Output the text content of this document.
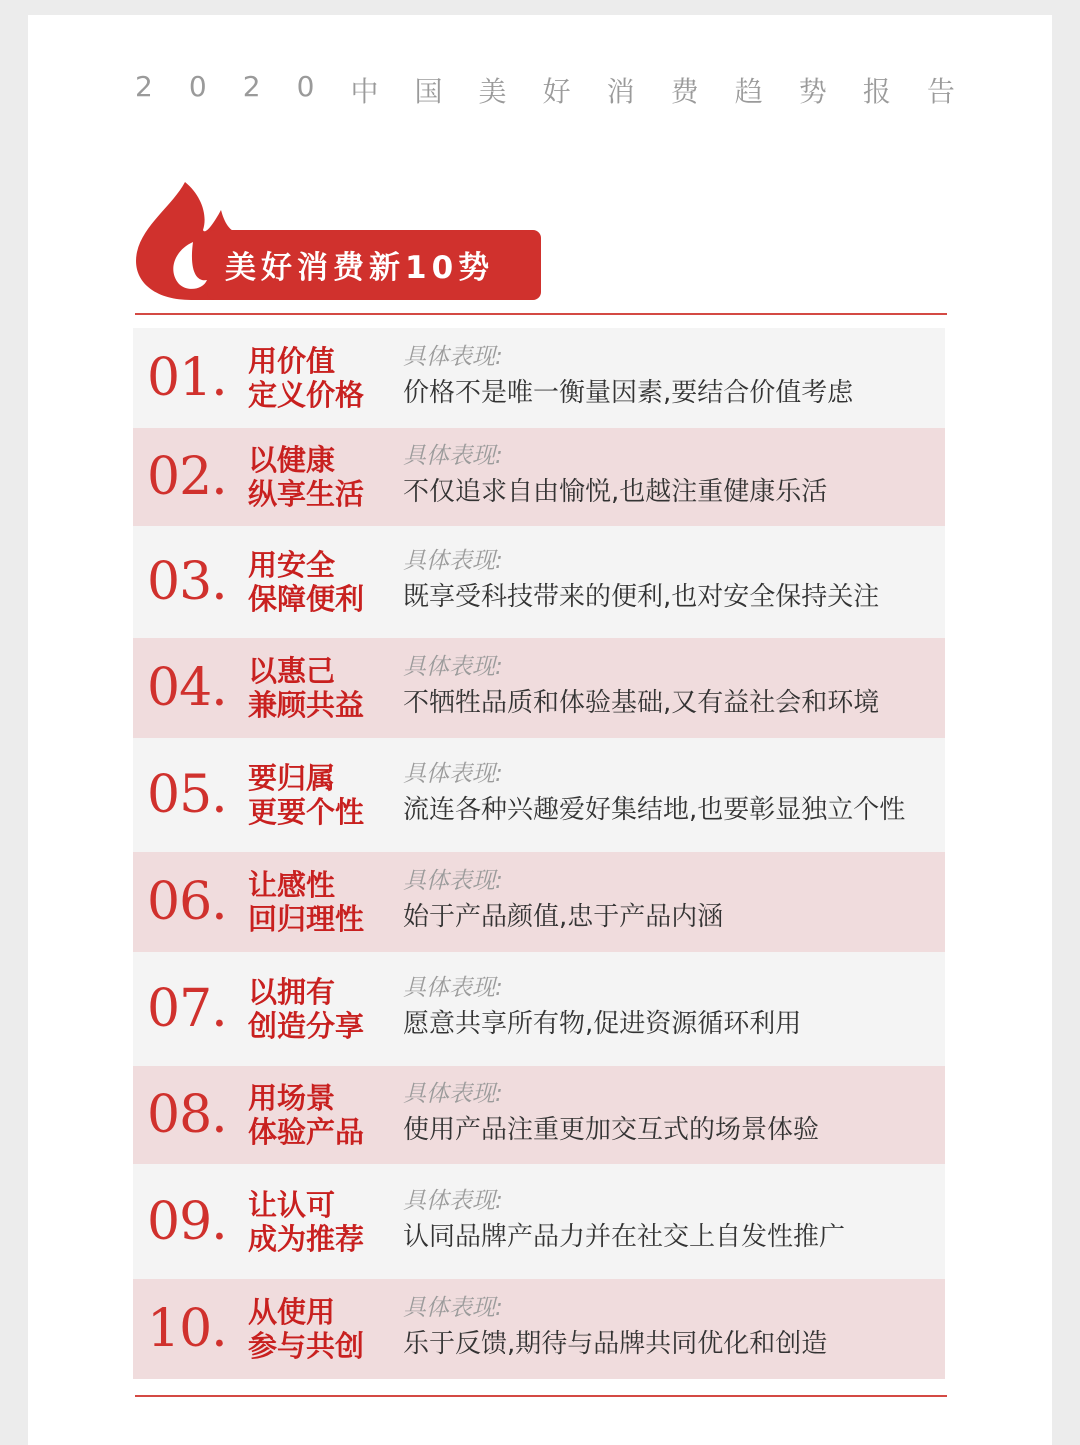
2 0 2 0 中 国 美 好 消 费 趋 势 报 告
美好消费新10势
01. 用价值
定义价格
具体表现:
价格不是唯一衡量因素,要结合价值考虑
02. 以健康
纵享生活
具体表现:
不仅追求自由愉悦,也越注重健康乐活
03. 用安全
保障便利
具体表现:
既享受科技带来的便利,也对安全保持关注
04. 以惠己
兼顾共益
具体表现:
不牺牲品质和体验基础,又有益社会和环境
05. 要归属
更要个性
具体表现:
流连各种兴趣爱好集结地,也要彰显独立个性
06. 让感性
回归理性
具体表现:
始于产品颜值,忠于产品内涵
07. 以拥有
创造分享
具体表现:
愿意共享所有物,促进资源循环利用
08. 用场景
体验产品
具体表现:
使用产品注重更加交互式的场景体验
09. 让认可
成为推荐
具体表现:
认同品牌产品力并在社交上自发性推广
10. 从使用
参与共创
具体表现:
乐于反馈,期待与品牌共同优化和创造
